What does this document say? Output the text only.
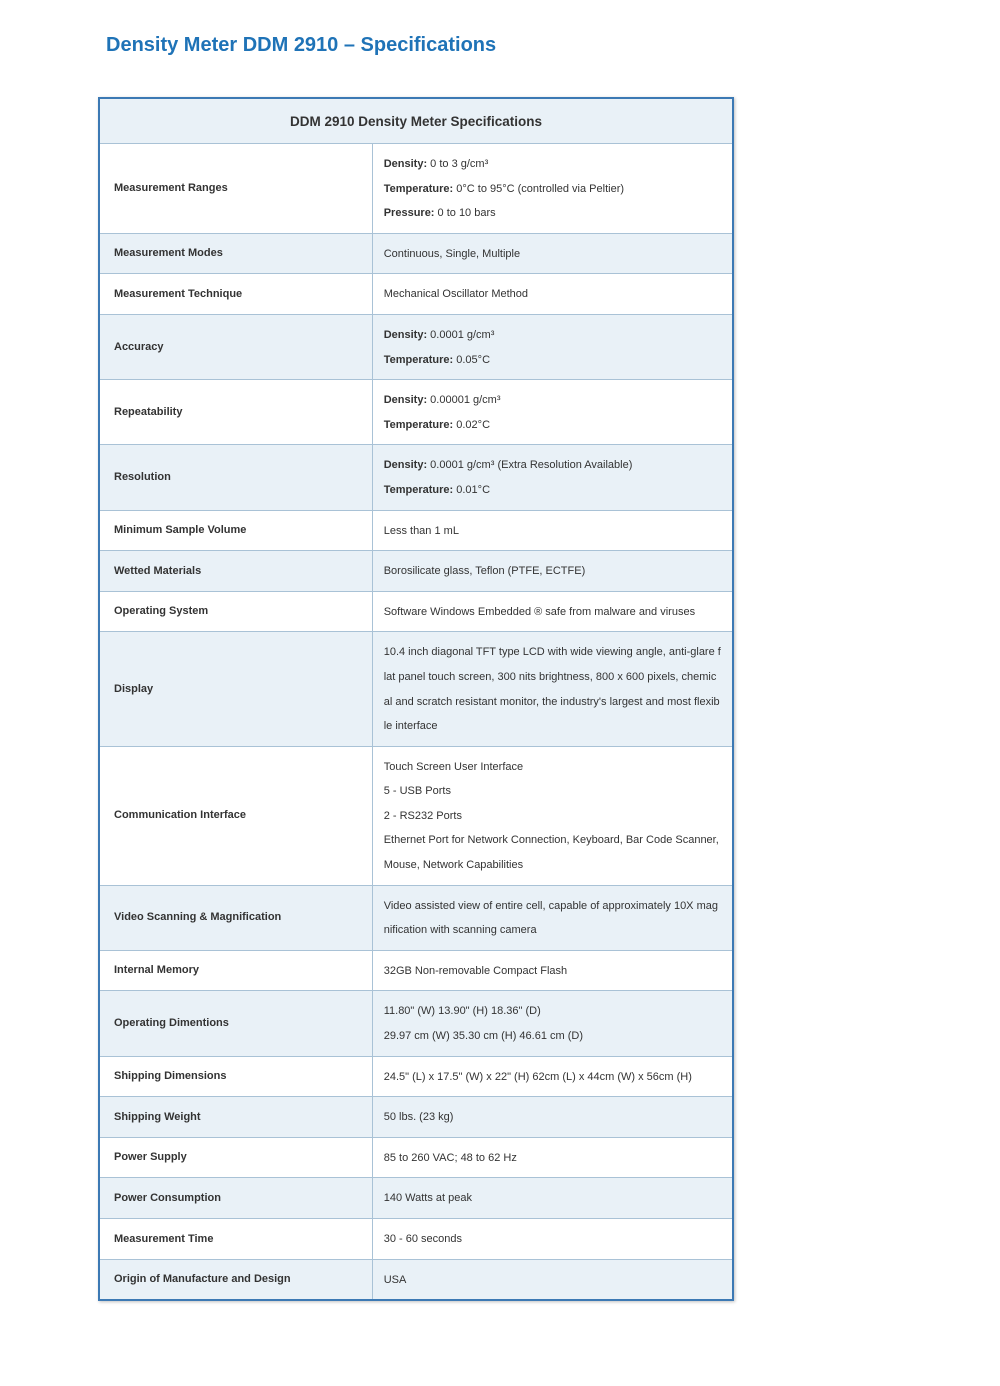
Density Meter DDM 2910 – Specifications
DDM 2910 Density Meter Specifications	
Measurement Ranges	Density: 0 to 3 g/cm³
Temperature: 0°C to 95°C (controlled via Peltier)
Pressure: 0 to 10 bars

Measurement Modes	Continuous, Single, Multiple

Measurement Technique	Mechanical Oscillator Method

Accuracy	Density: 0.0001 g/cm³
Temperature: 0.05°C

Repeatability	Density: 0.00001 g/cm³
Temperature: 0.02°C

Resolution	Density: 0.0001 g/cm³ (Extra Resolution Available)
Temperature: 0.01°C

Minimum Sample Volume	Less than 1 mL

Wetted Materials	Borosilicate glass, Teflon (PTFE, ECTFE)

Operating System	Software Windows Embedded ® safe from malware and viruses

Display	10.4 inch diagonal TFT type LCD with wide viewing angle, anti-glare flat panel touch screen, 300 nits brightness, 800 x 600 pixels, chemical and scratch resistant monitor, the industry's largest and most flexible interface

Communication Interface	Touch Screen User Interface
5 - USB Ports
2 - RS232 Ports
Ethernet Port for Network Connection, Keyboard, Bar Code Scanner, Mouse, Network Capabilities

Video Scanning & Magnification	Video assisted view of entire cell, capable of approximately 10X magnification with scanning camera

Internal Memory	32GB Non-removable Compact Flash

Operating Dimentions	11.80" (W) 13.90" (H) 18.36" (D)
29.97 cm (W) 35.30 cm (H) 46.61 cm (D)

Shipping Dimensions	24.5" (L) x 17.5" (W) x 22" (H) 62cm (L) x 44cm (W) x 56cm (H)

Shipping Weight	50 lbs. (23 kg)

Power Supply	85 to 260 VAC; 48 to 62 Hz

Power Consumption	140 Watts at peak

Measurement Time	30 - 60 seconds

Origin of Manufacture and Design	USA
